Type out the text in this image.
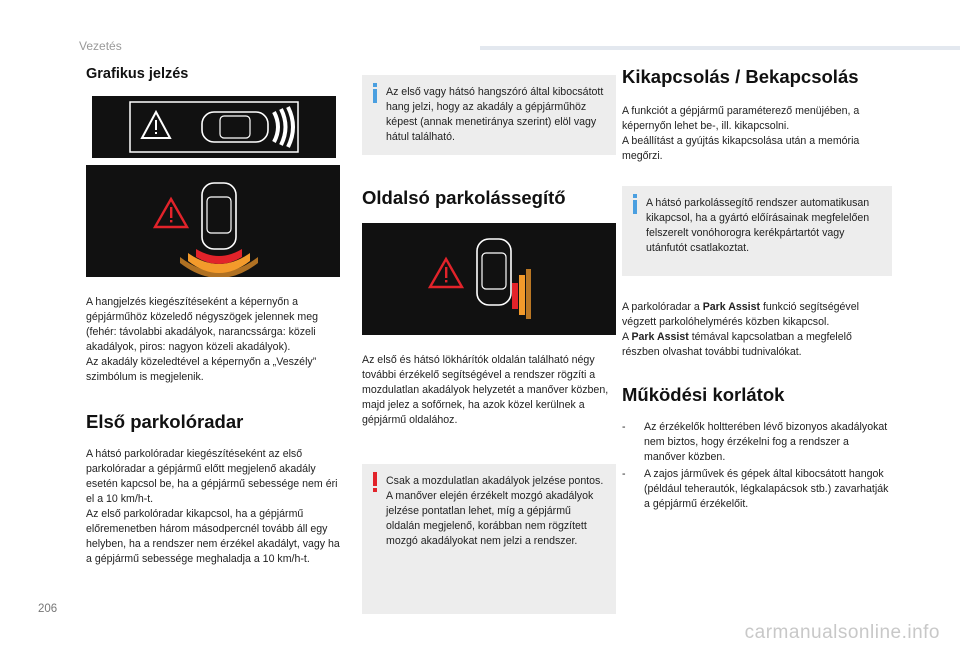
Vezetés
Grafikus jelzés

A hangjelzés kiegészítéseként a képernyőn a gépjárműhöz közeledő négyszögek jelennek meg (fehér: távolabbi akadályok, narancssárga: közeli akadályok, piros: nagyon közeli akadályok).

Az akadály közeledtével a képernyőn a „Veszély” szimbólum is megjelenik.

Első parkolóradar

A hátsó parkolóradar kiegészítéseként az első parkolóradar a gépjármű előtt megjelenő akadály esetén kapcsol be, ha a gépjármű sebessége nem éri el a 10 km/h-t.

Az első parkolóradar kikapcsol, ha a gépjármű előremenetben három másodpercnél tovább áll egy helyben, ha a rendszer nem érzékel akadályt, vagy ha a gépjármű sebessége meghaladja a 10 km/h-t.

Az első vagy hátsó hangszóró által kibocsátott hang jelzi, hogy az akadály a gépjárműhöz képest (annak menetiránya szerint) elöl vagy hátul található.

Oldalsó parkolássegítő

Az első és hátsó lökhárítók oldalán található négy további érzékelő segítségével a rendszer rögzíti a mozdulatlan akadályok helyzetét a manőver közben, majd jelez a sofőrnek, ha azok közel kerülnek a gépjármű oldalához.

Csak a mozdulatlan akadályok jelzése pontos. A manőver elején érzékelt mozgó akadályok jelzése pontatlan lehet, míg a gépjármű oldalán megjelenő, korábban nem rögzített mozgó akadályokat nem jelzi a rendszer.

Kikapcsolás / Bekapcsolás

A funkciót a gépjármű paraméterező menüjében, a képernyőn lehet be-, ill. kikapcsolni.

A beállítást a gyújtás kikapcsolása után a memória megőrzi.

A hátsó parkolássegítő rendszer automatikusan kikapcsol, ha a gyártó előírásainak megfelelően felszerelt vonóhorogra kerékpártartót vagy utánfutót csatlakoztat.

A parkolóradar a Park Assist funkció segítségével végzett parkolóhelymérés közben kikapcsol.

A Park Assist témával kapcsolatban a megfelelő részben olvashat további tudnivalókat.

Működési korlátok
- Az érzékelők holtterében lévő bizonyos akadályokat nem biztos, hogy érzékelni fog a rendszer a manőver közben.
- A zajos járművek és gépek által kibocsátott hangok (például teherautók, légkalapácsok stb.) zavarhatják a gépjármű érzékelőit.
206
carmanualsonline.info
